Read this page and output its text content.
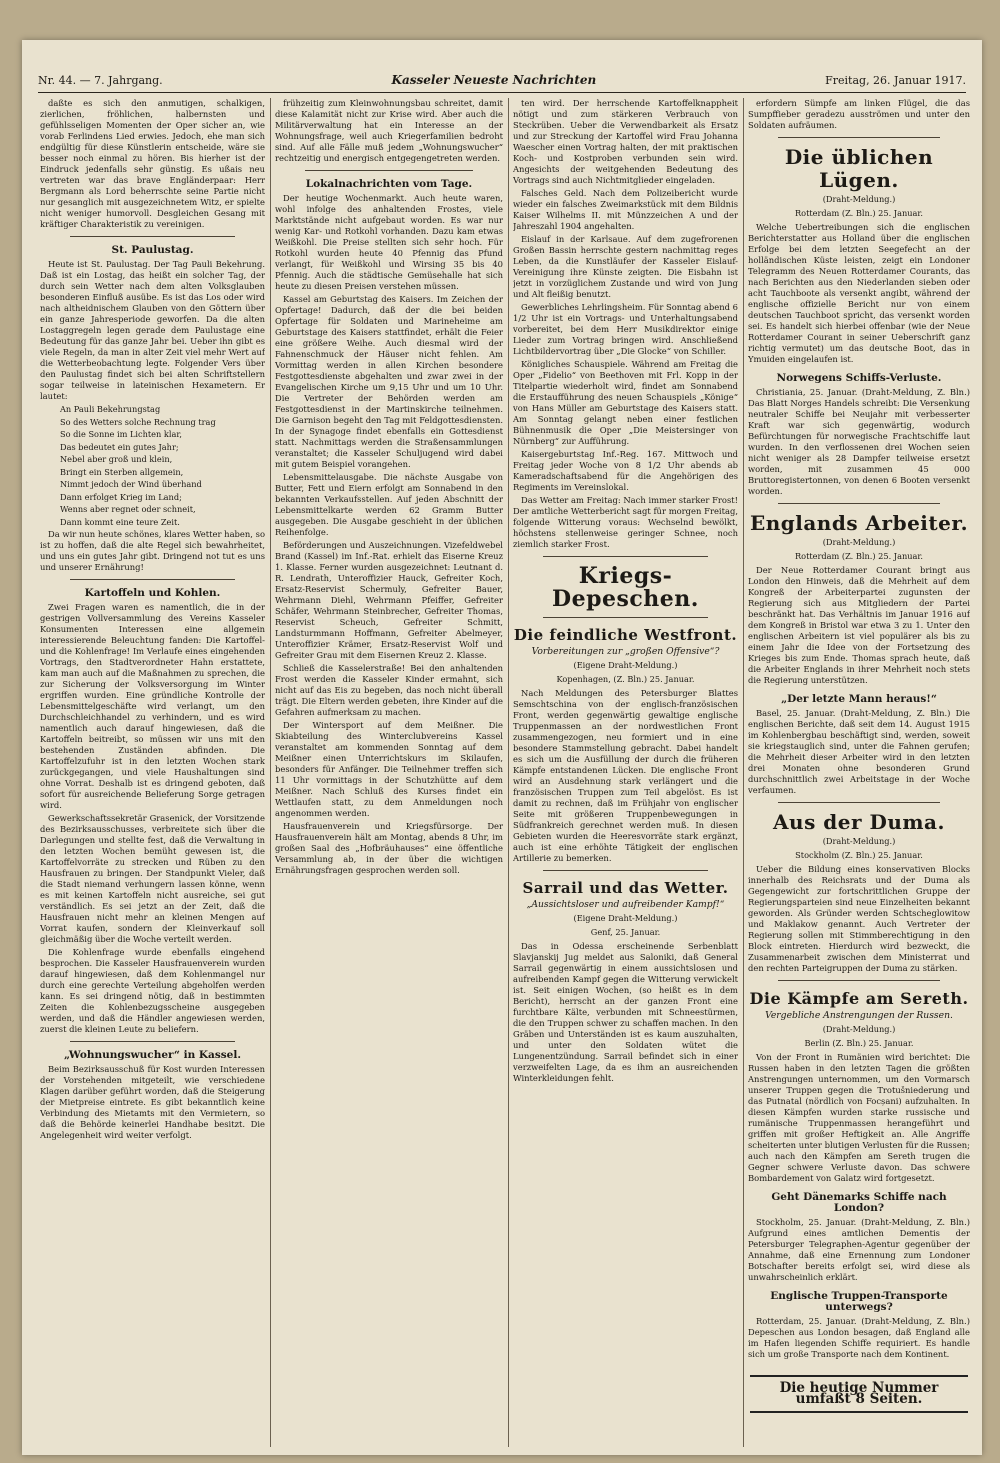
Nr. 44. — 7. Jahrgang.	Kasseler Neueste Nachrichten	Freitag, 26. Januar 1917.

daßte es sich den anmutigen, schalkigen, zierlichen, fröhlichen, halbernsten und gefühlsseligen Momenten der Oper sicher an, wie vorab Ferlindens Lied erwies. Jedoch, ehe man sich endgültig für diese Künstlerin entscheide, wäre sie besser noch einmal zu hören. Bis hierher ist der Eindruck jedenfalls sehr günstig. Es ußais neu vertreten war das brave Engländerpaar: Herr Bergmann als Lord beherrschte seine Partie nicht nur gesanglich mit ausgezeichnetem Witz, er spielte nicht weniger humorvoll. Desgleichen Gesang mit kräftiger Charakteristik zu vereinigen.

St. Paulustag.

Heute ist St. Paulustag. Der Tag Pauli Bekehrung. Daß ist ein Lostag, das heißt ein solcher Tag, der durch sein Wetter nach dem alten Volksglauben besonderen Einfluß ausübe. Es ist das Los oder wird nach altheidnischem Glauben von den Göttern über ein ganze Jahresperiode geworfen. Da die alten Lostaggregeln legen gerade dem Paulustage eine Bedeutung für das ganze Jahr bei. Ueber ihn gibt es viele Regeln, da man in alter Zeit viel mehr Wert auf die Wetterbeobachtung legte. Folgender Vers über den Paulustag findet sich bei alten Schriftstellern sogar teilweise in lateinischen Hexametern. Er lautet:

An Pauli Bekehrungstag

So des Wetters solche Rechnung trag

So die Sonne im Lichten klar,

Das bedeutet ein gutes Jahr;

Nebel aber groß und klein,

Bringt ein Sterben allgemein,

Nimmt jedoch der Wind überhand

Dann erfolget Krieg im Land;

Wenns aber regnet oder schneit,

Dann kommt eine teure Zeit.

Da wir nun heute schönes, klares Wetter haben, so ist zu hoffen, daß die alte Regel sich bewahrheitet, und uns ein gutes Jahr gibt. Dringend not tut es uns und unserer Ernährung!

Kartoffeln und Kohlen.

Zwei Fragen waren es namentlich, die in der gestrigen Vollversammlung des Vereins Kasseler Konsumenten Interessen eine allgemein interessierende Beleuchtung fanden: Die Kartoffel- und die Kohlenfrage! Im Verlaufe eines eingehenden Vortrags, den Stadtverordneter Hahn erstattete, kam man auch auf die Maßnahmen zu sprechen, die zur Sicherung der Volksversorgung im Winter ergriffen wurden. Eine gründliche Kontrolle der Lebensmittelgeschäfte wird verlangt, um den Durchschleichhandel zu verhindern, und es wird namentlich auch darauf hingewiesen, daß die Kartoffeln beitreibt, so müssen wir uns mit den bestehenden Zuständen abfinden. Die Kartoffelzufuhr ist in den letzten Wochen stark zurückgegangen, und viele Haushaltungen sind ohne Vorrat. Deshalb ist es dringend geboten, daß sofort für ausreichende Belieferung Sorge getragen wird.

Gewerkschaftssekretär Grasenick, der Vorsitzende des Bezirksausschusses, verbreitete sich über die Darlegungen und stellte fest, daß die Verwaltung in den letzten Wochen bemüht gewesen ist, die Kartoffelvorräte zu strecken und Rüben zu den Hausfrauen zu bringen. Der Standpunkt Vieler, daß die Stadt niemand verhungern lassen könne, wenn es mit keinen Kartoffeln nicht ausreiche, sei gut verständlich. Es sei jetzt an der Zeit, daß die Hausfrauen nicht mehr an kleinen Mengen auf Vorrat kaufen, sondern der Kleinverkauf soll gleichmäßig über die Woche verteilt werden.

Die Kohlenfrage wurde ebenfalls eingehend besprochen. Die Kasseler Hausfrauenverein wurden darauf hingewiesen, daß dem Kohlenmangel nur durch eine gerechte Verteilung abgeholfen werden kann. Es sei dringend nötig, daß in bestimmten Zeiten die Kohlenbezugsscheine ausgegeben werden, und daß die Händler angewiesen werden, zuerst die kleinen Leute zu beliefern.

„Wohnungswucher“ in Kassel.

Beim Bezirksausschuß für Kost wurden Interessen der Vorstehenden mitgeteilt, wie verschiedene Klagen darüber geführt worden, daß die Steigerung der Mietpreise eintrete. Es gibt bekanntlich keine Verbindung des Mietamts mit den Vermietern, so daß die Behörde keinerlei Handhabe besitzt. Die Angelegenheit wird weiter verfolgt.

frühzeitig zum Kleinwohnungsbau schreitet, damit diese Kalamität nicht zur Krise wird. Aber auch die Militärverwaltung hat ein Interesse an der Wohnungsfrage, weil auch Kriegerfamilien bedroht sind. Auf alle Fälle muß jedem „Wohnungswucher“ rechtzeitig und energisch entgegengetreten werden.

Lokalnachrichten vom Tage.

Der heutige Wochenmarkt. Auch heute waren, wohl infolge des anhaltenden Frostes, viele Marktstände nicht aufgebaut worden. Es war nur wenig Kar- und Rotkohl vorhanden. Dazu kam etwas Weißkohl. Die Preise stellten sich sehr hoch. Für Rotkohl wurden heute 40 Pfennig das Pfund verlangt, für Weißkohl und Wirsing 35 bis 40 Pfennig. Auch die städtische Gemüsehalle hat sich heute zu diesen Preisen verstehen müssen.

Kassel am Geburtstag des Kaisers. Im Zeichen der Opfertage! Dadurch, daß der die bei beiden Opfertage für Soldaten und Marineheime am Geburtstage des Kaisers stattfindet, erhält die Feier eine größere Weihe. Auch diesmal wird der Fahnenschmuck der Häuser nicht fehlen. Am Vormittag werden in allen Kirchen besondere Festgottesdienste abgehalten und zwar zwei in der Evangelischen Kirche um 9,15 Uhr und um 10 Uhr. Die Vertreter der Behörden werden am Festgottesdienst in der Martinskirche teilnehmen. Die Garnison begeht den Tag mit Feldgottesdiensten. In der Synagoge findet ebenfalls ein Gottesdienst statt. Nachmittags werden die Straßensammlungen veranstaltet; die Kasseler Schuljugend wird dabei mit gutem Beispiel vorangehen.

Lebensmittelausgabe. Die nächste Ausgabe von Butter, Fett und Eiern erfolgt am Sonnabend in den bekannten Verkaufsstellen. Auf jeden Abschnitt der Lebensmittelkarte werden 62 Gramm Butter ausgegeben. Die Ausgabe geschieht in der üblichen Reihenfolge.

Beförderungen und Auszeichnungen. Vizefeldwebel Brand (Kassel) im Inf.-Rat. erhielt das Eiserne Kreuz 1. Klasse. Ferner wurden ausgezeichnet: Leutnant d. R. Lendrath, Unteroffizier Hauck, Gefreiter Koch, Ersatz-Reservist Schermuly, Gefreiter Bauer, Wehrmann Diehl, Wehrmann Pfeiffer, Gefreiter Schäfer, Wehrmann Steinbrecher, Gefreiter Thomas, Reservist Scheuch, Gefreiter Schmitt, Landsturmmann Hoffmann, Gefreiter Abelmeyer, Unteroffizier Krämer, Ersatz-Reservist Wolf und Gefreiter Grau mit dem Eisernen Kreuz 2. Klasse.

Schließ die Kasselerstraße! Bei den anhaltenden Frost werden die Kasseler Kinder ermahnt, sich nicht auf das Eis zu begeben, das noch nicht überall trägt. Die Eltern werden gebeten, ihre Kinder auf die Gefahren aufmerksam zu machen.

Der Wintersport auf dem Meißner. Die Skiabteilung des Winterclubvereins Kassel veranstaltet am kommenden Sonntag auf dem Meißner einen Unterrichtskurs im Skilaufen, besonders für Anfänger. Die Teilnehmer treffen sich 11 Uhr vormittags in der Schutzhütte auf dem Meißner. Nach Schluß des Kurses findet ein Wettlaufen statt, zu dem Anmeldungen noch angenommen werden.

Hausfrauenverein und Kriegsfürsorge. Der Hausfrauenverein hält am Montag, abends 8 Uhr, im großen Saal des „Hofbräuhauses“ eine öffentliche Versammlung ab, in der über die wichtigen Ernährungsfragen gesprochen werden soll.

ten wird. Der herrschende Kartoffelknappheit nötigt und zum stärkeren Verbrauch von Steckrüben. Ueber die Verwendbarkeit als Ersatz und zur Streckung der Kartoffel wird Frau Johanna Waescher einen Vortrag halten, der mit praktischen Koch- und Kostproben verbunden sein wird. Angesichts der weitgehenden Bedeutung des Vortrags sind auch Nichtmitglieder eingeladen.

Falsches Geld. Nach dem Polizeibericht wurde wieder ein falsches Zweimarkstück mit dem Bildnis Kaiser Wilhelms II. mit Münzzeichen A und der Jahreszahl 1904 angehalten.

Eislauf in der Karlsaue. Auf dem zugefrorenen Großen Bassin herrschte gestern nachmittag reges Leben, da die Kunstläufer der Kasseler Eislauf-Vereinigung ihre Künste zeigten. Die Eisbahn ist jetzt in vorzüglichem Zustande und wird von Jung und Alt fleißig benutzt.

Gewerbliches Lehrlingsheim. Für Sonntag abend 6 1/2 Uhr ist ein Vortrags- und Unterhaltungsabend vorbereitet, bei dem Herr Musikdirektor einige Lieder zum Vortrag bringen wird. Anschließend Lichtbildervortrag über „Die Glocke“ von Schiller.

Königliches Schauspiele. Während am Freitag die Oper „Fidelio“ von Beethoven mit Frl. Kopp in der Titelpartie wiederholt wird, findet am Sonnabend die Erstaufführung des neuen Schauspiels „Könige“ von Hans Müller am Geburtstage des Kaisers statt. Am Sonntag gelangt neben einer festlichen Bühnenmusik die Oper „Die Meistersinger von Nürnberg“ zur Aufführung.

Kaisergeburtstag Inf.-Reg. 167. Mittwoch und Freitag jeder Woche von 8 1/2 Uhr abends ab Kameradschaftsabend für die Angehörigen des Regiments im Vereinslokal.

Das Wetter am Freitag: Nach immer starker Frost! Der amtliche Wetterbericht sagt für morgen Freitag, folgende Witterung voraus: Wechselnd bewölkt, höchstens stellenweise geringer Schnee, noch ziemlich starker Frost.

Kriegs-Depeschen.
Die feindliche Westfront.
Vorbereitungen zur „großen Offensive“?
(Eigene Draht-Meldung.)
Kopenhagen, (Z. Bln.) 25. Januar.

Nach Meldungen des Petersburger Blattes Semschtschina von der englisch-französischen Front, werden gegenwärtig gewaltige englische Truppenmassen an der nordwestlichen Front zusammengezogen, neu formiert und in eine besondere Stammstellung gebracht. Dabei handelt es sich um die Ausfüllung der durch die früheren Kämpfe entstandenen Lücken. Die englische Front wird an Ausdehnung stark verlängert und die französischen Truppen zum Teil abgelöst. Es ist damit zu rechnen, daß im Frühjahr von englischer Seite mit größeren Truppenbewegungen in Südfrankreich gerechnet werden muß. In diesen Gebieten wurden die Heeresvorräte stark ergänzt, auch ist eine erhöhte Tätigkeit der englischen Artillerie zu bemerken.

Sarrail und das Wetter.
„Aussichtsloser und aufreibender Kampf!“
(Eigene Draht-Meldung.)
Genf, 25. Januar.

Das in Odessa erscheinende Serbenblatt Slavjanskij Jug meldet aus Saloniki, daß General Sarrail gegenwärtig in einem aussichtslosen und aufreibenden Kampf gegen die Witterung verwickelt ist. Seit einigen Wochen, (so heißt es in dem Bericht), herrscht an der ganzen Front eine furchtbare Kälte, verbunden mit Schneestürmen, die den Truppen schwer zu schaffen machen. In den Gräben und Unterständen ist es kaum auszuhalten, und unter den Soldaten wütet die Lungenentzündung. Sarrail befindet sich in einer verzweifelten Lage, da es ihm an ausreichenden Winterkleidungen fehlt.

erfordern Sümpfe am linken Flügel, die das Sumpffieber geradezu ausströmen und unter den Soldaten aufräumen.

Die üblichen Lügen.
(Draht-Meldung.)
Rotterdam (Z. Bln.) 25. Januar.

Welche Uebertreibungen sich die englischen Berichterstatter aus Holland über die englischen Erfolge bei dem letzten Seegefecht an der holländischen Küste leisten, zeigt ein Londoner Telegramm des Neuen Rotterdamer Courants, das nach Berichten aus den Niederlanden sieben oder acht Tauchboote als versenkt angibt, während der englische offizielle Bericht nur von einem deutschen Tauchboot spricht, das versenkt worden sei. Es handelt sich hierbei offenbar (wie der Neue Rotterdamer Courant in seiner Ueberschrift ganz richtig vermutet) um das deutsche Boot, das in Ymuiden eingelaufen ist.

Norwegens Schiffs-Verluste.

Christiania, 25. Januar. (Draht-Meldung, Z. Bln.) Das Blatt Norges Handels schreibt: Die Versenkung neutraler Schiffe bei Neujahr mit verbesserter Kraft war sich gegenwärtig, wodurch Befürchtungen für norwegische Frachtschiffe laut wurden. In den verflossenen drei Wochen seien nicht weniger als 28 Dampfer teilweise ersetzt worden, mit zusammen 45 000 Bruttoregistertonnen, von denen 6 Booten versenkt worden.

Englands Arbeiter.
(Draht-Meldung.)
Rotterdam (Z. Bln.) 25. Januar.

Der Neue Rotterdamer Courant bringt aus London den Hinweis, daß die Mehrheit auf dem Kongreß der Arbeiterpartei zugunsten der Regierung sich aus Mitgliedern der Partei beschränkt hat. Das Verhältnis im Januar 1916 auf dem Kongreß in Bristol war etwa 3 zu 1. Unter den englischen Arbeitern ist viel populärer als bis zu einem Jahr die Idee von der Fortsetzung des Krieges bis zum Ende. Thomas sprach heute, daß die Arbeiter Englands in ihrer Mehrheit noch stets die Regierung unterstützen.

„Der letzte Mann heraus!“

Basel, 25. Januar. (Draht-Meldung, Z. Bln.) Die englischen Berichte, daß seit dem 14. August 1915 im Kohlenbergbau beschäftigt sind, werden, soweit sie kriegstauglich sind, unter die Fahnen gerufen; die Mehrheit dieser Arbeiter wird in den letzten drei Monaten ohne besonderen Grund durchschnittlich zwei Arbeitstage in der Woche verfaumen.

Aus der Duma.
(Draht-Meldung.)
Stockholm (Z. Bln.) 25. Januar.

Ueber die Bildung eines konservativen Blocks innerhalb des Reichsrats und der Duma als Gegengewicht zur fortschrittlichen Gruppe der Regierungsparteien sind neue Einzelheiten bekannt geworden. Als Gründer werden Schtscheglowitow und Maklakow genannt. Auch Vertreter der Regierung sollen mit Stimmberechtigung in den Block eintreten. Hierdurch wird bezweckt, die Zusammenarbeit zwischen dem Ministerrat und den rechten Parteigruppen der Duma zu stärken.

Die Kämpfe am Sereth.
Vergebliche Anstrengungen der Russen.
(Draht-Meldung.)
Berlin (Z. Bln.) 25. Januar.

Von der Front in Rumänien wird berichtet: Die Russen haben in den letzten Tagen die größten Anstrengungen unternommen, um den Vormarsch unserer Truppen gegen die Trotušniederung und das Putnatal (nördlich von Focșani) aufzuhalten. In diesen Kämpfen wurden starke russische und rumänische Truppenmassen herangeführt und griffen mit großer Heftigkeit an. Alle Angriffe scheiterten unter blutigen Verlusten für die Russen; auch nach den Kämpfen am Sereth trugen die Gegner schwere Verluste davon. Das schwere Bombardement von Galatz wird fortgesetzt.

Geht Dänemarks Schiffe nach London?

Stockholm, 25. Januar. (Draht-Meldung, Z. Bln.) Aufgrund eines amtlichen Dementis der Petersburger Telegraphen-Agentur gegenüber der Annahme, daß eine Ernennung zum Londoner Botschafter bereits erfolgt sei, wird diese als unwahrscheinlich erklärt.

Englische Truppen-Transporte unterwegs?

Rotterdam, 25. Januar. (Draht-Meldung, Z. Bln.) Depeschen aus London besagen, daß England alle im Hafen liegenden Schiffe requiriert. Es handle sich um große Transporte nach dem Kontinent.

Die heutige Nummer umfaßt 8 Seiten.
